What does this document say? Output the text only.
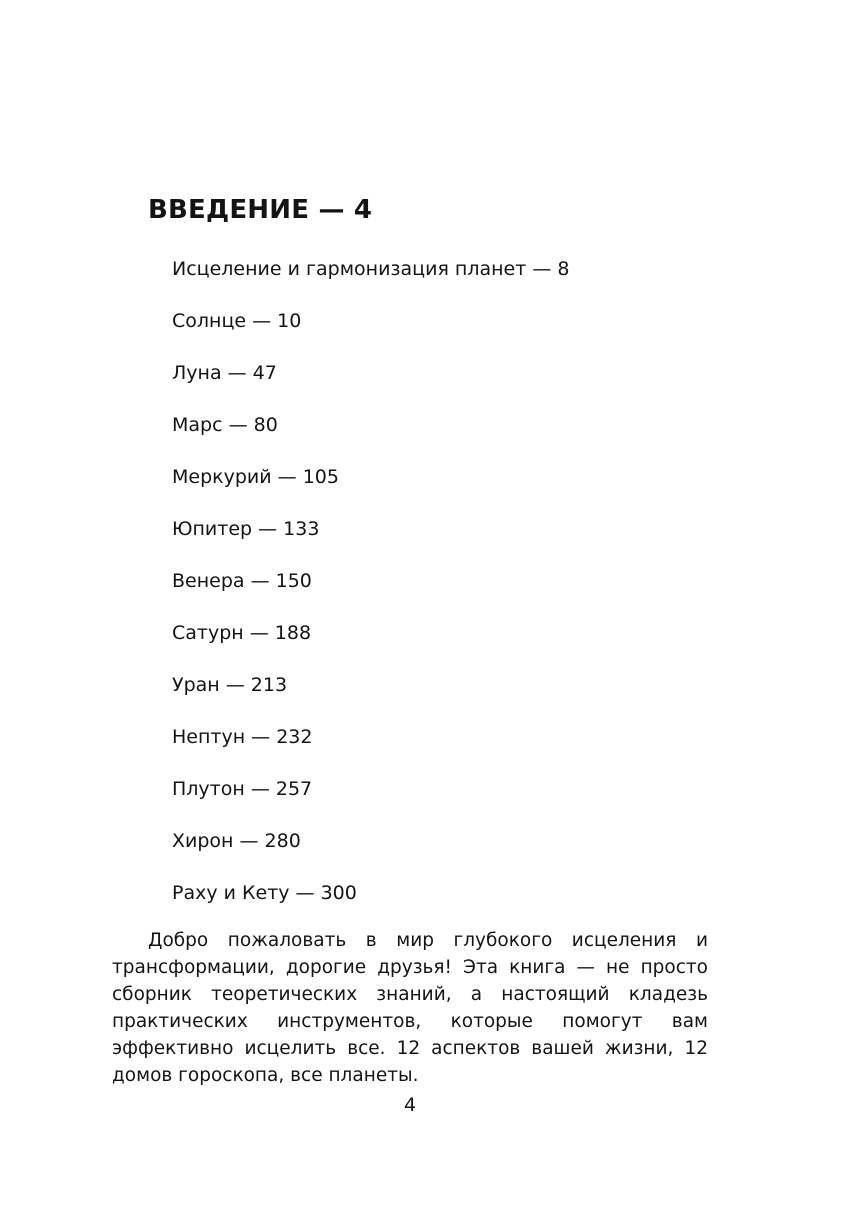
ВВЕДЕНИЕ — 4
Исцеление и гармонизация планет — 8
Солнце — 10
Луна — 47
Марс — 80
Меркурий — 105
Юпитер — 133
Венера — 150
Сатурн — 188
Уран — 213
Нептун — 232
Плутон — 257
Хирон — 280
Раху и Кету — 300

Добро пожаловать в мир глубокого исцеления и трансформации, дорогие друзья! Эта книга — не просто сборник теоретических знаний, а настоящий кладезь практических инструментов, которые помогут вам эффективно исцелить все. 12 аспектов вашей жизни, 12 домов гороскопа, все планеты.

4
